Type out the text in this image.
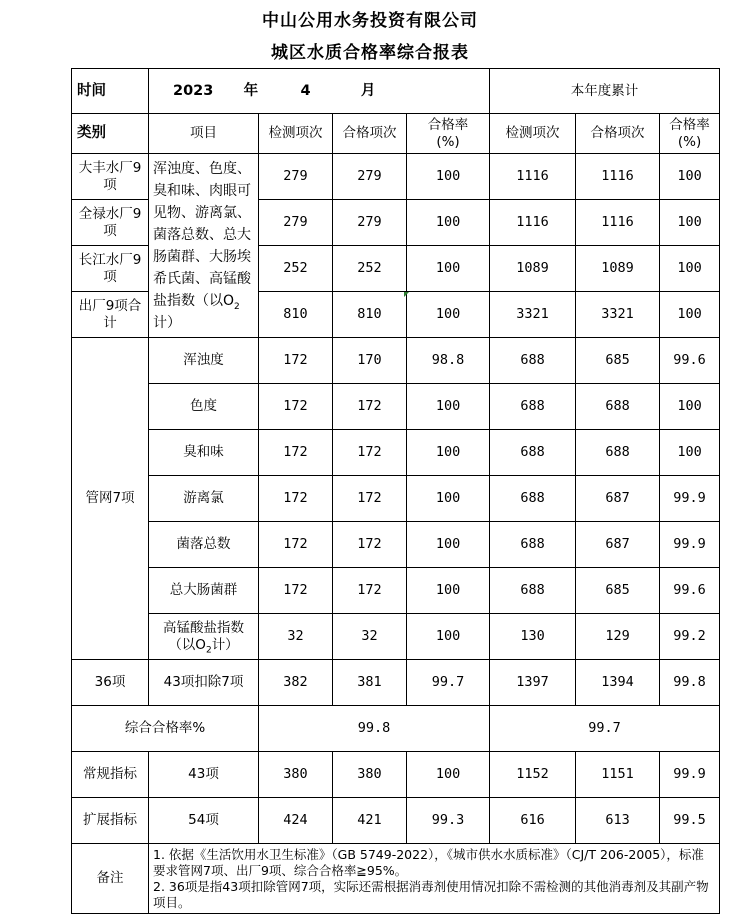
中山公用水务投资有限公司
城区水质合格率综合报表
时间	2023 年 4 月				本年度累计		
类别	项目	检测项次	合格项次	合格率(%)	检测项次	合格项次	合格率(%)
大丰水厂9项	浑浊度、色度、臭和味、肉眼可见物、游离氯、菌落总数、总大肠菌群、大肠埃希氏菌、高锰酸盐指数（以$O_2$计）	279	279	100	1116	1116	100
全禄水厂9项		279	279	100	1116	1116	100
长江水厂9项		252	252	100	1089	1089	100
出厂9项合计		810	810	100	3321	3321	100
管网7项	浑浊度	172	170	98.8	688	685	99.6
	色度	172	172	100	688	688	100
	臭和味	172	172	100	688	688	100
	游离氯	172	172	100	688	687	99.9
	菌落总数	172	172	100	688	687	99.9
	总大肠菌群	172	172	100	688	685	99.6
	高锰酸盐指数（以$O_2$计）	32	32	100	130	129	99.2
36项	43项扣除7项	382	381	99.7	1397	1394	99.8
综合合格率%		99.8			99.7		
常规指标	43项	380	380	100	1152	1151	99.9
扩展指标	54项	424	421	99.3	616	613	99.5
备注	1. 依据《生活饮用水卫生标准》（GB 5749-2022），《城市供水水质标准》（CJ/T 206-2005），标准要求管网7项、出厂9项、综合合格率≧95%。
2. 36项是指43项扣除管网7项，实际还需根据消毒剂使用情况扣除不需检测的其他消毒剂及其副产物项目。						
